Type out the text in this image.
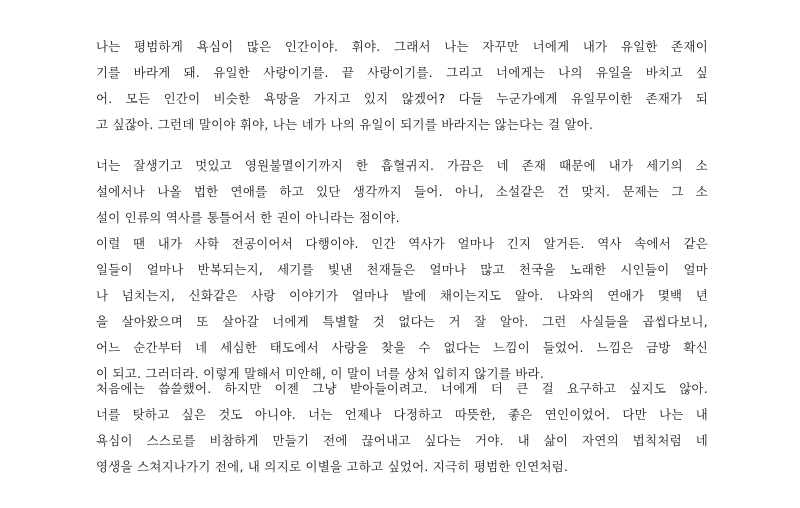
나는 평범하게 욕심이 많은 인간이야. 휘야. 그래서 나는 자꾸만 너에게 내가 유일한 존재이
기를 바라게 돼. 유일한 사랑이기를. 끝 사랑이기를. 그리고 너에게는 나의 유일을 바치고 싶
어. 모든 인간이 비슷한 욕망을 가지고 있지 않겠어? 다들 누군가에게 유일무이한 존재가 되
고 싶잖아. 그런데 말이야 휘야, 나는 네가 나의 유일이 되기를 바라지는 않는다는 걸 알아.
너는 잘생기고 멋있고 영원불멸이기까지 한 흡혈귀지. 가끔은 네 존재 때문에 내가 세기의 소
설에서나 나올 법한 연애를 하고 있단 생각까지 들어. 아니, 소설같은 건 맞지. 문제는 그 소
설이 인류의 역사를 통틀어서 한 권이 아니라는 점이야.
이럴 땐 내가 사학 전공이어서 다행이야. 인간 역사가 얼마나 긴지 알거든. 역사 속에서 같은
일들이 얼마나 반복되는지, 세기를 빛낸 천재들은 얼마나 많고 천국을 노래한 시인들이 얼마
나 넘치는지, 신화같은 사랑 이야기가 얼마나 발에 채이는지도 알아. 나와의 연애가 몇백 년
을 살아왔으며 또 살아갈 너에게 특별할 것 없다는 거 잘 알아. 그런 사실들을 곱씹다보니,
어느 순간부터 네 세심한 태도에서 사랑을 찾을 수 없다는 느낌이 들었어. 느낌은 금방 확신
이 되고. 그러더라. 이렇게 말해서 미안해, 이 말이 너를 상처 입히지 않기를 바라.
처음에는 씁쓸했어. 하지만 이젠 그냥 받아들이려고. 너에게 더 큰 걸 요구하고 싶지도 않아.
너를 탓하고 싶은 것도 아니야. 너는 언제나 다정하고 따뜻한, 좋은 연인이었어. 다만 나는 내
욕심이 스스로를 비참하게 만들기 전에 끊어내고 싶다는 거야. 내 삶이 자연의 법칙처럼 네
영생을 스쳐지나가기 전에, 내 의지로 이별을 고하고 싶었어. 지극히 평범한 인연처럼.
